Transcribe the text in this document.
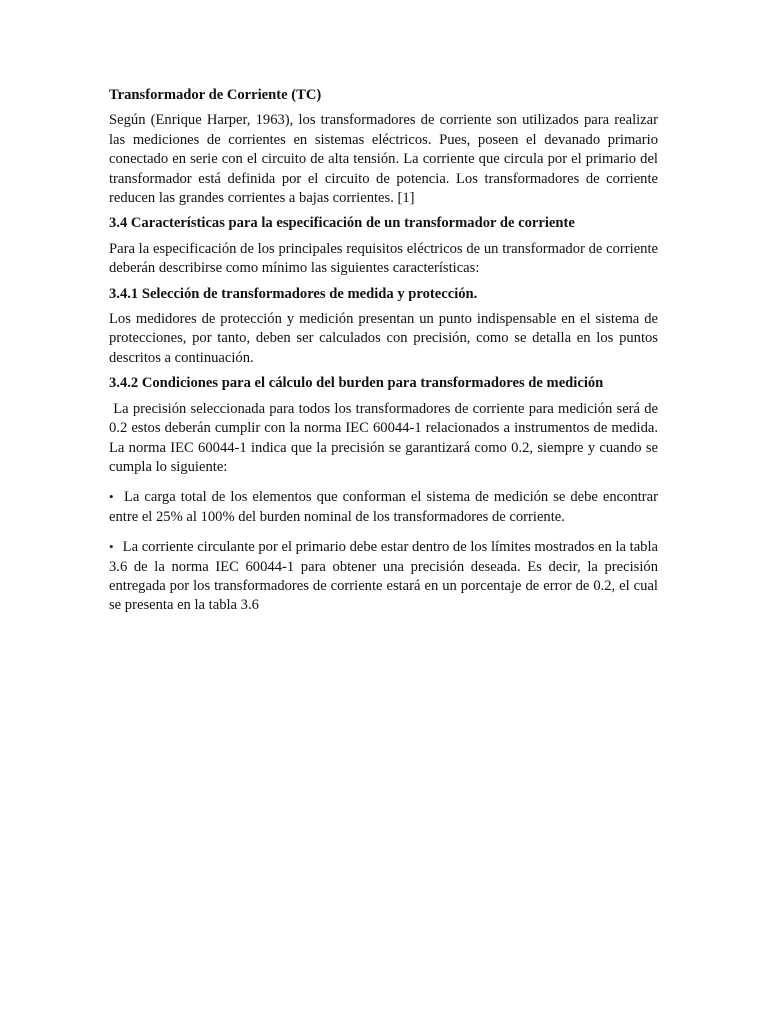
Transformador de Corriente (TC)

Según (Enrique Harper, 1963), los transformadores de corriente son utilizados para realizar las mediciones de corrientes en sistemas eléctricos. Pues, poseen el devanado primario conectado en serie con el circuito de alta tensión. La corriente que circula por el primario del transformador está definida por el circuito de potencia. Los transformadores de corriente reducen las grandes corrientes a bajas corrientes. [1]

3.4 Características para la especificación de un transformador de corriente

Para la especificación de los principales requisitos eléctricos de un transformador de corriente deberán describirse como mínimo las siguientes características:

3.4.1 Selección de transformadores de medida y protección.

Los medidores de protección y medición presentan un punto indispensable en el sistema de protecciones, por tanto, deben ser calculados con precisión, como se detalla en los puntos descritos a continuación.

3.4.2 Condiciones para el cálculo del burden para transformadores de medición

La precisión seleccionada para todos los transformadores de corriente para medición será de 0.2 estos deberán cumplir con la norma IEC 60044-1 relacionados a instrumentos de medida. La norma IEC 60044-1 indica que la precisión se garantizará como 0.2, siempre y cuando se cumpla lo siguiente:

• La carga total de los elementos que conforman el sistema de medición se debe encontrar entre el 25% al 100% del burden nominal de los transformadores de corriente.

• La corriente circulante por el primario debe estar dentro de los límites mostrados en la tabla 3.6 de la norma IEC 60044-1 para obtener una precisión deseada. Es decir, la precisión entregada por los transformadores de corriente estará en un porcentaje de error de 0.2, el cual se presenta en la tabla 3.6
